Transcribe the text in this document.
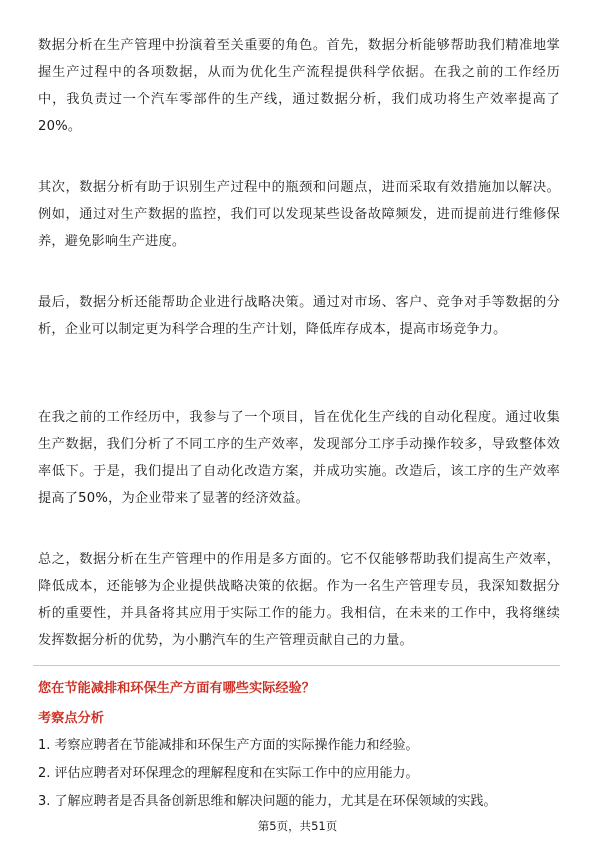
数据分析在生产管理中扮演着至关重要的角色。首先，数据分析能够帮助我们精准地掌握生产过程中的各项数据，从而为优化生产流程提供科学依据。在我之前的工作经历中，我负责过一个汽车零部件的生产线，通过数据分析，我们成功将生产效率提高了20%。

其次，数据分析有助于识别生产过程中的瓶颈和问题点，进而采取有效措施加以解决。例如，通过对生产数据的监控，我们可以发现某些设备故障频发，进而提前进行维修保养，避免影响生产进度。

最后，数据分析还能帮助企业进行战略决策。通过对市场、客户、竞争对手等数据的分析，企业可以制定更为科学合理的生产计划，降低库存成本，提高市场竞争力。

在我之前的工作经历中，我参与了一个项目，旨在优化生产线的自动化程度。通过收集生产数据，我们分析了不同工序的生产效率，发现部分工序手动操作较多，导致整体效率低下。于是，我们提出了自动化改造方案，并成功实施。改造后，该工序的生产效率提高了50%，为企业带来了显著的经济效益。

总之，数据分析在生产管理中的作用是多方面的。它不仅能够帮助我们提高生产效率，降低成本，还能够为企业提供战略决策的依据。作为一名生产管理专员，我深知数据分析的重要性，并具备将其应用于实际工作的能力。我相信，在未来的工作中，我将继续发挥数据分析的优势，为小鹏汽车的生产管理贡献自己的力量。

您在节能减排和环保生产方面有哪些实际经验？

考察点分析

1. 考察应聘者在节能减排和环保生产方面的实际操作能力和经验。

2. 评估应聘者对环保理念的理解程度和在实际工作中的应用能力。

3. 了解应聘者是否具备创新思维和解决问题的能力，尤其是在环保领域的实践。

第5页，共51页
